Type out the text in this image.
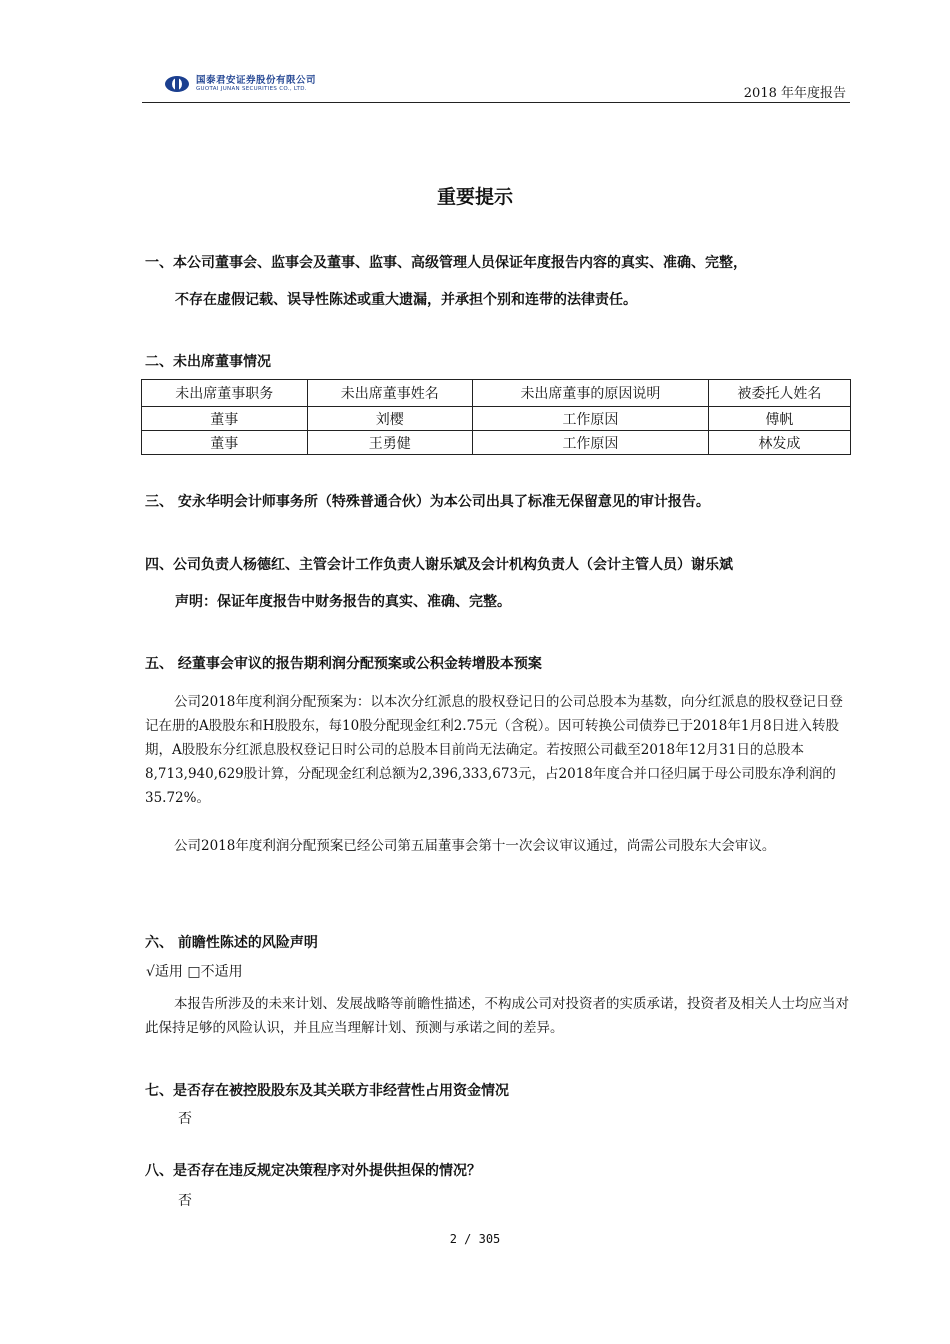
国泰君安证券股份有限公司
GUOTAI JUNAN SECURITIES CO., LTD.	2018 年年度报告
重要提示
一、本公司董事会、监事会及董事、监事、高级管理人员保证年度报告内容的真实、准确、完整，
不存在虚假记载、误导性陈述或重大遗漏，并承担个别和连带的法律责任。
二、未出席董事情况
未出席董事职务	未出席董事姓名	未出席董事的原因说明	被委托人姓名
董事	刘樱	工作原因	傅帆
董事	王勇健	工作原因	林发成
三、 安永华明会计师事务所（特殊普通合伙）为本公司出具了标准无保留意见的审计报告。
四、公司负责人杨德红、主管会计工作负责人谢乐斌及会计机构负责人（会计主管人员）谢乐斌
声明：保证年度报告中财务报告的真实、准确、完整。
五、 经董事会审议的报告期利润分配预案或公积金转增股本预案
公司2018年度利润分配预案为：以本次分红派息的股权登记日的公司总股本为基数，向分红派息的股权登记日登记在册的A股股东和H股股东，每10股分配现金红利2.75元（含税）。因可转换公司债券已于2018年1月8日进入转股期，A股股东分红派息股权登记日时公司的总股本目前尚无法确定。若按照公司截至2018年12月31日的总股本8,713,940,629股计算，分配现金红利总额为2,396,333,673元，占2018年度合并口径归属于母公司股东净利润的35.72%。
公司2018年度利润分配预案已经公司第五届董事会第十一次会议审议通过，尚需公司股东大会审议。
六、 前瞻性陈述的风险声明
√适用 □不适用
本报告所涉及的未来计划、发展战略等前瞻性描述，不构成公司对投资者的实质承诺，投资者及相关人士均应当对此保持足够的风险认识，并且应当理解计划、预测与承诺之间的差异。
七、是否存在被控股股东及其关联方非经营性占用资金情况
否
八、是否存在违反规定决策程序对外提供担保的情况？
否
2 / 305
